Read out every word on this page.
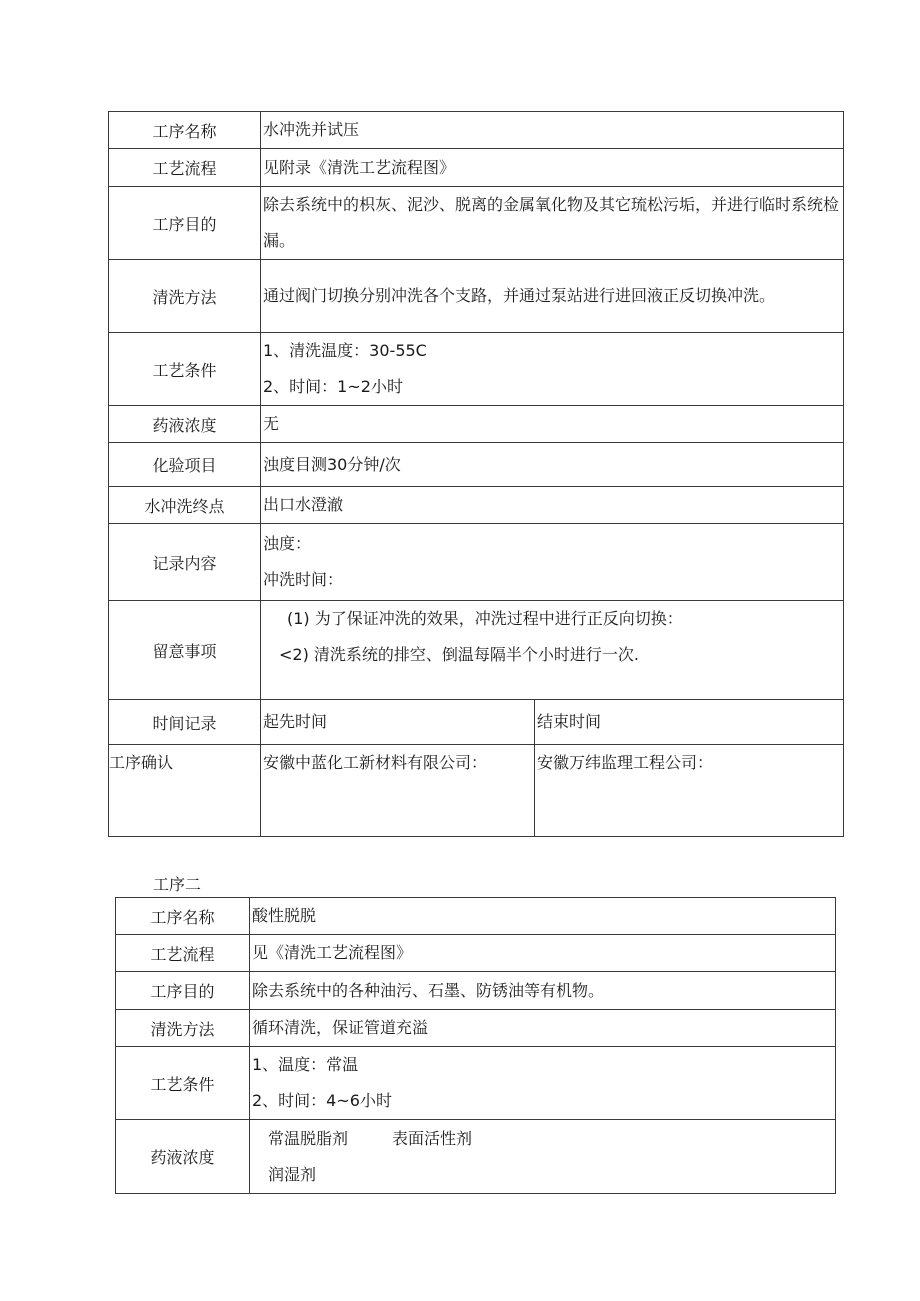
工序名称	水冲洗并试压	
工艺流程	见附录《清洗工艺流程图》	
工序目的	除去系统中的枳灰、泥沙、脱离的金属氧化物及其它琉松污垢，并进行临时系统检漏。	
清洗方法	通过阀门切换分别冲洗各个支路，并通过泵站进行进回液正反切换冲洗。	
工艺条件	1、清洗温度：30-55C
2、时间：1~2小时	

药液浓度	无	
化验项目	浊度目测30分钟/次	
水冲洗终点	出口水澄澈	
记录内容	浊度：
冲洗时间：	

留意事项	(1) 为了保证冲洗的效果，冲洗过程中进行正反向切换：
<2) 清洗系统的排空、倒温每隔半个小时进行一次.	

时间记录	起先时间	结束时间
工序确认	安徽中蓝化工新材料有限公司：	安徽万纬监理工程公司：
工序二
工序名称	酸性脱脱
工艺流程	见《清洗工艺流程图》
工序目的	除去系统中的各种油污、石墨、防锈油等有机物。
清洗方法	循环清洗，保证管道充溢
工艺条件	1、温度：常温
2、时间：4~6小时

药液浓度	常温脱脂剂 表面活性剂
润湿剂
